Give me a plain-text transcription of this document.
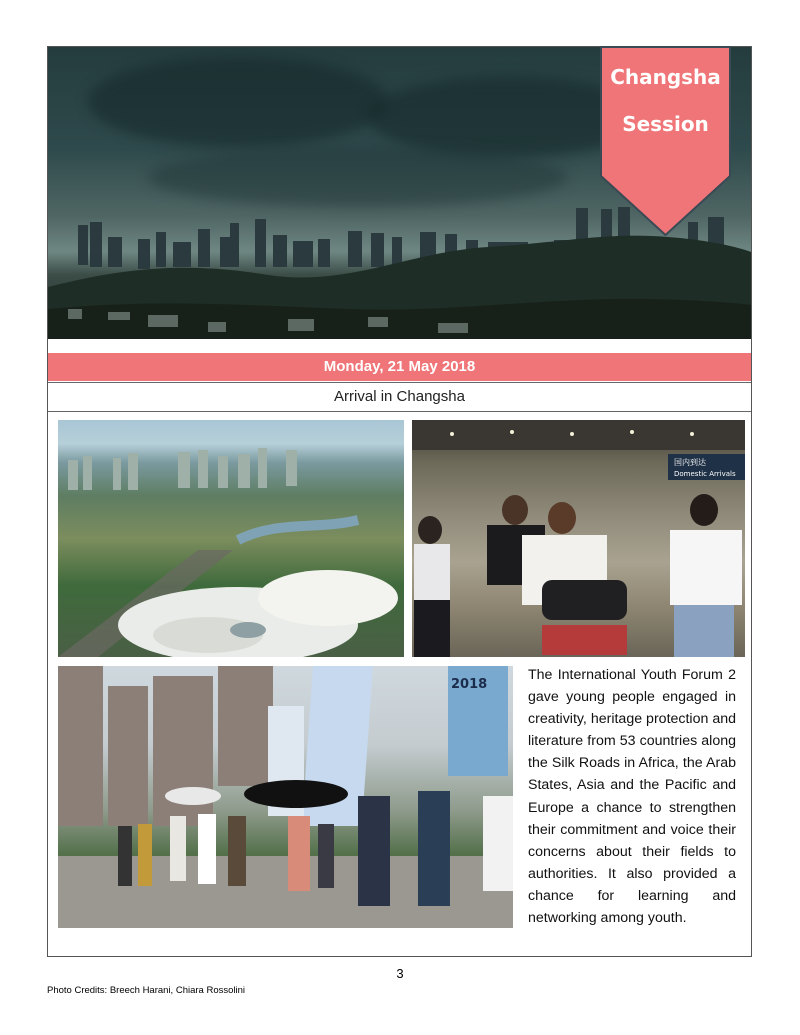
Changsha
Session
Monday, 21 May 2018
Arrival in Changsha
国内到达
Domestic Arrivals
2018
The International Youth Forum 2 gave young people engaged in creativity, heritage protection and literature from 53 countries along the Silk Roads in Africa, the Arab States, Asia and the Pacific and Europe a chance to strengthen their commitment and voice their concerns about their fields to authorities. It also provided a chance for learning and networking among youth.
3
Photo Credits: Breech Harani, Chiara Rossolini
